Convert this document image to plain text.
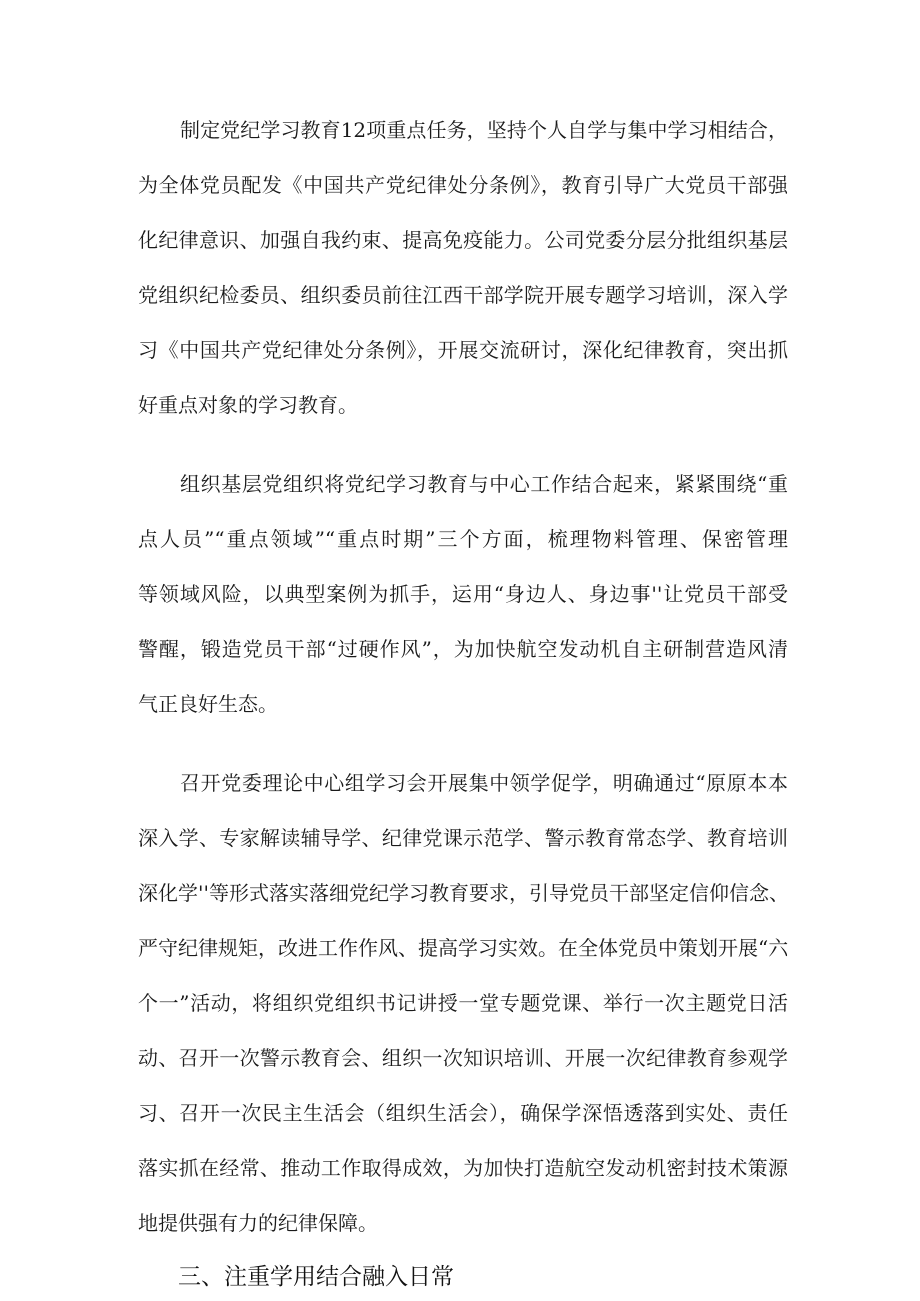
制定党纪学习教育12项重点任务，坚持个人自学与集中学习相结合，
为全体党员配发《中国共产党纪律处分条例》，教育引导广大党员干部强
化纪律意识、加强自我约束、提高免疫能力。公司党委分层分批组织基层
党组织纪检委员、组织委员前往江西干部学院开展专题学习培训，深入学
习《中国共产党纪律处分条例》，开展交流研讨，深化纪律教育，突出抓
好重点对象的学习教育。
组织基层党组织将党纪学习教育与中心工作结合起来，紧紧围绕“重
点人员”“重点领域”“重点时期”三个方面，梳理物料管理、保密管理
等领域风险，以典型案例为抓手，运用“身边人、身边事''让党员干部受
警醒，锻造党员干部“过硬作风”，为加快航空发动机自主研制营造风清
气正良好生态。
召开党委理论中心组学习会开展集中领学促学，明确通过“原原本本
深入学、专家解读辅导学、纪律党课示范学、警示教育常态学、教育培训
深化学''等形式落实落细党纪学习教育要求，引导党员干部坚定信仰信念、
严守纪律规矩，改进工作作风、提高学习实效。在全体党员中策划开展“六
个一”活动，将组织党组织书记讲授一堂专题党课、举行一次主题党日活
动、召开一次警示教育会、组织一次知识培训、开展一次纪律教育参观学
习、召开一次民主生活会（组织生活会），确保学深悟透落到实处、责任
落实抓在经常、推动工作取得成效，为加快打造航空发动机密封技术策源
地提供强有力的纪律保障。
三、注重学用结合融入日常
